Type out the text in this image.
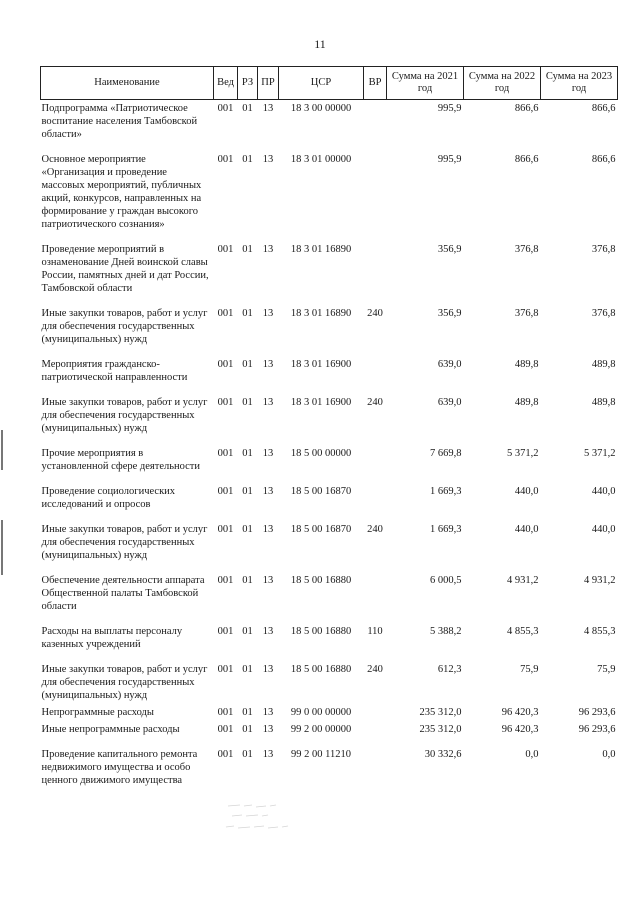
11
Наименование	Вед	РЗ	ПР	ЦСР	ВР	Сумма на 2021 год	Сумма на 2022 год	Сумма на 2023 год
Подпрограмма «Патриотическое воспитание населения Тамбовской области»	001	01	13	18 3 00 00000		995,9	866,6	866,6
Основное мероприятие «Организация и проведение массовых мероприятий, публичных акций, конкурсов, направленных на формирование у граждан высокого патриотического сознания»	001	01	13	18 3 01 00000		995,9	866,6	866,6
Проведение мероприятий в ознаменование Дней воинской славы России, памятных дней и дат России, Тамбовской области	001	01	13	18 3 01 16890		356,9	376,8	376,8
Иные закупки товаров, работ и услуг для обеспечения государственных (муниципальных) нужд	001	01	13	18 3 01 16890	240	356,9	376,8	376,8
Мероприятия гражданско-патриотической направленности	001	01	13	18 3 01 16900		639,0	489,8	489,8
Иные закупки товаров, работ и услуг для обеспечения государственных (муниципальных) нужд	001	01	13	18 3 01 16900	240	639,0	489,8	489,8
Прочие мероприятия в установленной сфере деятельности	001	01	13	18 5 00 00000		7 669,8	5 371,2	5 371,2
Проведение социологических исследований и опросов	001	01	13	18 5 00 16870		1 669,3	440,0	440,0
Иные закупки товаров, работ и услуг для обеспечения государственных (муниципальных) нужд	001	01	13	18 5 00 16870	240	1 669,3	440,0	440,0
Обеспечение деятельности аппарата Общественной палаты Тамбовской области	001	01	13	18 5 00 16880		6 000,5	4 931,2	4 931,2
Расходы на выплаты персоналу казенных учреждений	001	01	13	18 5 00 16880	110	5 388,2	4 855,3	4 855,3
Иные закупки товаров, работ и услуг для обеспечения государственных (муниципальных) нужд	001	01	13	18 5 00 16880	240	612,3	75,9	75,9
Непрограммные расходы	001	01	13	99 0 00 00000		235 312,0	96 420,3	96 293,6
Иные непрограммные расходы	001	01	13	99 2 00 00000		235 312,0	96 420,3	96 293,6
Проведение капитального ремонта недвижимого имущества и особо ценного движимого имущества	001	01	13	99 2 00 11210		30 332,6	0,0	0,0
